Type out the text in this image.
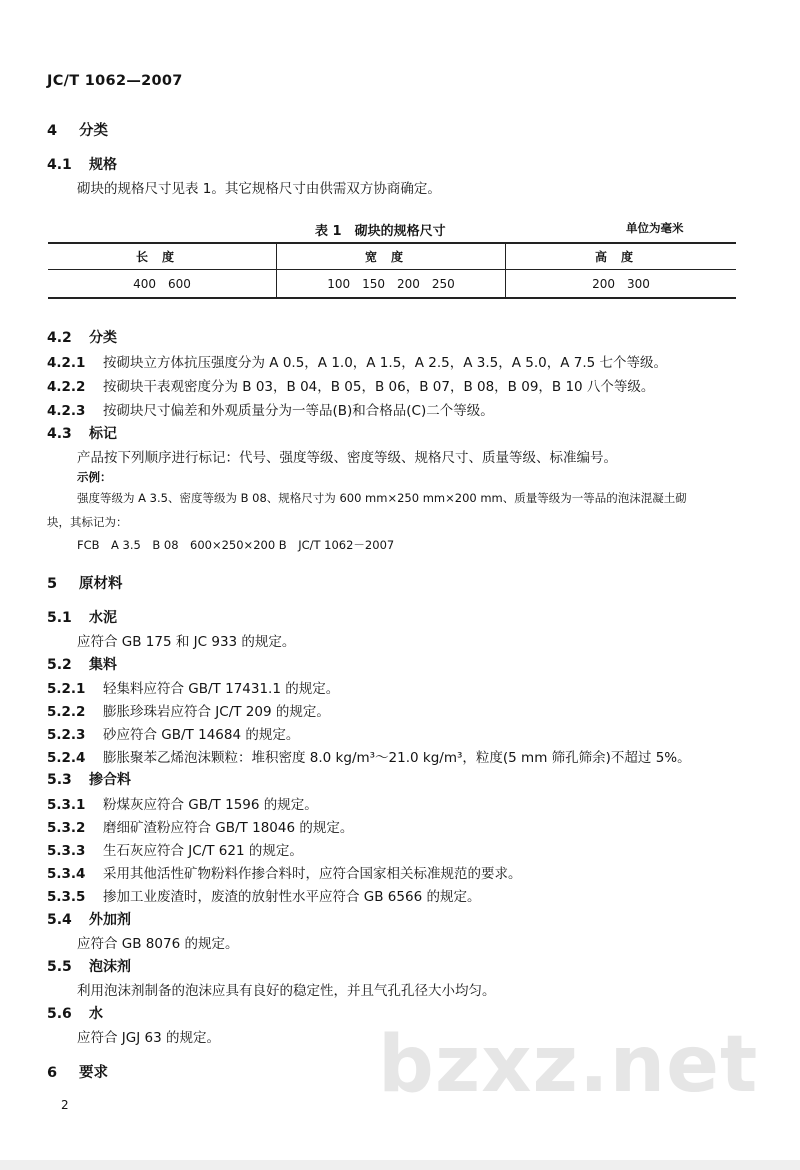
JC/T 1062—2007
4 分类
4.1 规格
砌块的规格尺寸见表 1。其它规格尺寸由供需双方协商确定。
表 1　砌块的规格尺寸	单位为毫米
长度	宽度	高度
400　600	100　150　200　250	200　300
4.2 分类
4.2.1 按砌块立方体抗压强度分为 A 0.5，A 1.0，A 1.5，A 2.5，A 3.5，A 5.0，A 7.5 七个等级。
4.2.2 按砌块干表观密度分为 B 03，B 04，B 05，B 06，B 07，B 08，B 09，B 10 八个等级。
4.2.3 按砌块尺寸偏差和外观质量分为一等品(B)和合格品(C)二个等级。
4.3 标记
产品按下列顺序进行标记：代号、强度等级、密度等级、规格尺寸、质量等级、标准编号。
示例：
强度等级为 A 3.5、密度等级为 B 08、规格尺寸为 600 mm×250 mm×200 mm、质量等级为一等品的泡沫混凝土砌
块，其标记为：
FCB　A 3.5　B 08　600×250×200 B　JC/T 1062－2007
5 原材料
5.1 水泥
应符合 GB 175 和 JC 933 的规定。
5.2 集料
5.2.1 轻集料应符合 GB/T 17431.1 的规定。
5.2.2 膨胀珍珠岩应符合 JC/T 209 的规定。
5.2.3 砂应符合 GB/T 14684 的规定。
5.2.4 膨胀聚苯乙烯泡沫颗粒：堆积密度 8.0 kg/m³～21.0 kg/m³，粒度(5 mm 筛孔筛余)不超过 5%。
5.3 掺合料
5.3.1 粉煤灰应符合 GB/T 1596 的规定。
5.3.2 磨细矿渣粉应符合 GB/T 18046 的规定。
5.3.3 生石灰应符合 JC/T 621 的规定。
5.3.4 采用其他活性矿物粉料作掺合料时，应符合国家相关标准规范的要求。
5.3.5 掺加工业废渣时，废渣的放射性水平应符合 GB 6566 的规定。
5.4 外加剂
应符合 GB 8076 的规定。
5.5 泡沫剂
利用泡沫剂制备的泡沫应具有良好的稳定性，并且气孔孔径大小均匀。
5.6 水
应符合 JGJ 63 的规定。
6 要求	bzxz.net
2
